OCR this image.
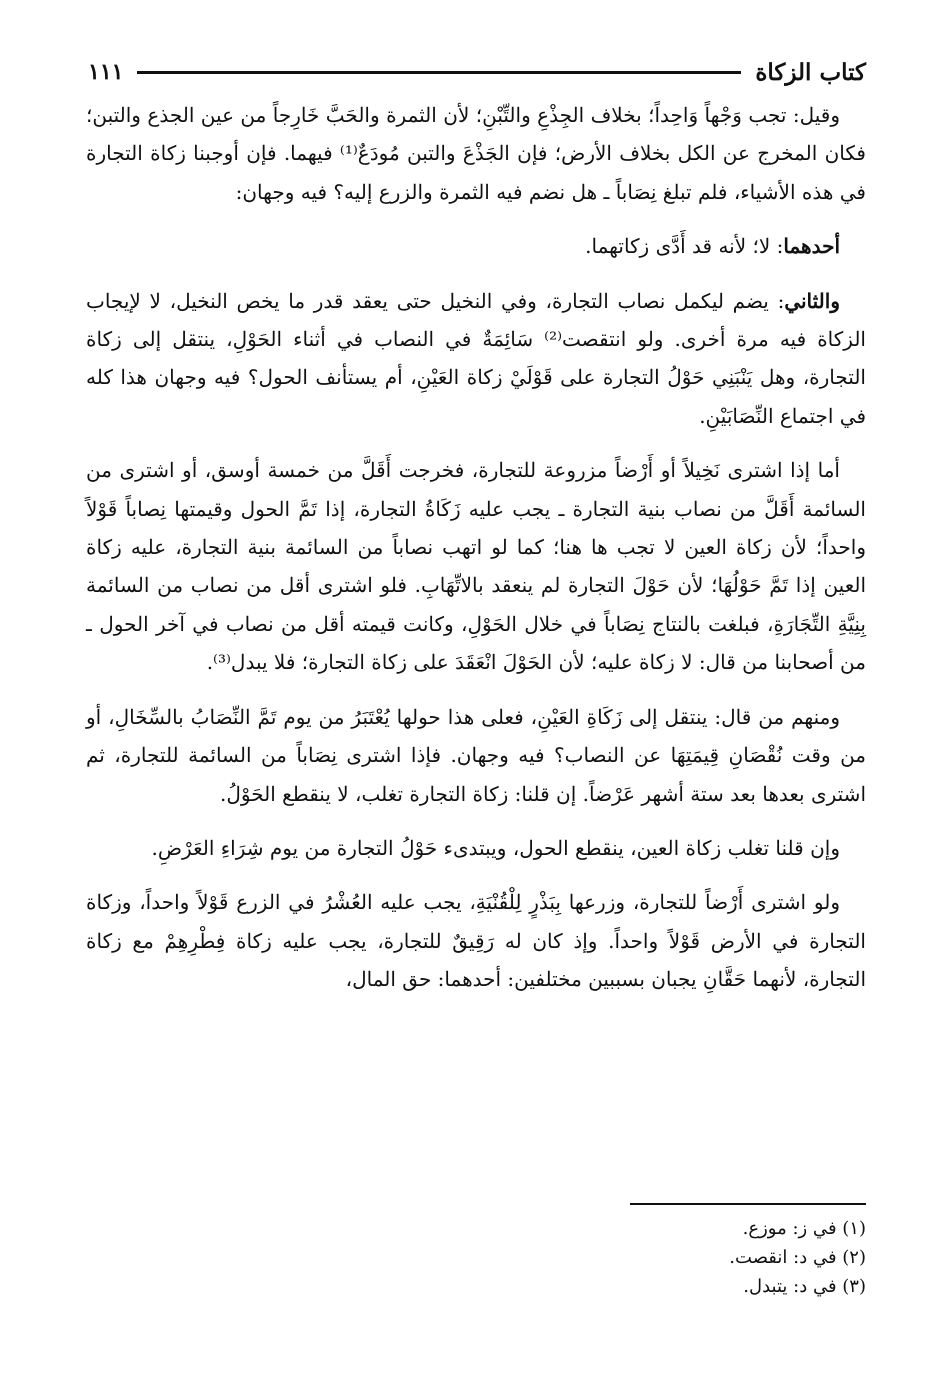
كتاب الزكاة
١١١

وقيل: تجب وَجْهاً وَاحِداً؛ بخلاف الجِذْعِ والتِّبْنِ؛ لأن الثمرة والحَبَّ خَارِجاً من عين الجذع والتبن؛ فكان المخرج عن الكل بخلاف الأرض؛ فإن الجَذْعَ والتبن مُودَعٌ⁽¹⁾ فيهما. فإن أوجبنا زكاة التجارة في هذه الأشياء، فلم تبلغ نِصَاباً ـ هل نضم فيه الثمرة والزرع إليه؟ فيه وجهان:

أحدهما: لا؛ لأنه قد أَدَّى زكاتهما.

والثاني: يضم ليكمل نصاب التجارة، وفي النخيل حتى يعقد قدر ما يخص النخيل، لا لإيجاب الزكاة فيه مرة أخرى. ولو انتقصت⁽²⁾ سَائِمَةٌ في النصاب في أثناء الحَوْلِ، ينتقل إلى زكاة التجارة، وهل يَنْبَنِي حَوْلُ التجارة على قَوْلَيْ زكاة العَيْنِ، أم يستأنف الحول؟ فيه وجهان هذا كله في اجتماع النِّصَابَيْنِ.

أما إذا اشترى نَخِيلاً أو أَرْضاً مزروعة للتجارة، فخرجت أَقَلَّ من خمسة أوسق، أو اشترى من السائمة أَقَلَّ من نصاب بنية التجارة ـ يجب عليه زَكَاةُ التجارة، إذا تَمَّ الحول وقيمتها نِصاباً قَوْلاً واحداً؛ لأن زكاة العين لا تجب ها هنا؛ كما لو اتهب نصاباً من السائمة بنية التجارة، عليه زكاة العين إذا تَمَّ حَوْلُهَا؛ لأن حَوْلَ التجارة لم ينعقد بالاتِّهَابِ. فلو اشترى أقل من نصاب من السائمة بِنِيَّةِ التِّجَارَةِ، فبلغت بالنتاج نِصَاباً في خلال الحَوْلِ، وكانت قيمته أقل من نصاب في آخر الحول ـ من أصحابنا من قال: لا زكاة عليه؛ لأن الحَوْلَ انْعَقَدَ على زكاة التجارة؛ فلا يبدل⁽³⁾.

ومنهم من قال: ينتقل إلى زَكَاةِ العَيْنِ، فعلى هذا حولها يُعْتَبَرُ من يوم تَمَّ النِّصَابُ بالسِّخَالِ، أو من وقت نُقْصَانِ قِيمَتِهَا عن النصاب؟ فيه وجهان. فإذا اشترى نِصَاباً من السائمة للتجارة، ثم اشترى بعدها بعد ستة أشهر عَرْضاً. إن قلنا: زكاة التجارة تغلب، لا ينقطع الحَوْلُ.

وإن قلنا تغلب زكاة العين، ينقطع الحول، ويبتدىء حَوْلُ التجارة من يوم شِرَاءِ العَرْضِ.

ولو اشترى أَرْضاً للتجارة، وزرعها بِبَذْرٍ لِلْقُنْيَةِ، يجب عليه العُشْرُ في الزرع قَوْلاً واحداً، وزكاة التجارة في الأرض قَوْلاً واحداً. وإذ كان له رَقِيقٌ للتجارة، يجب عليه زكاة فِطْرِهِمْ مع زكاة التجارة، لأنهما حَقَّانِ يجبان بسببين مختلفين: أحدهما: حق المال،

(١) في ز: موزع.
(٢) في د: انقصت.
(٣) في د: يتبدل.
